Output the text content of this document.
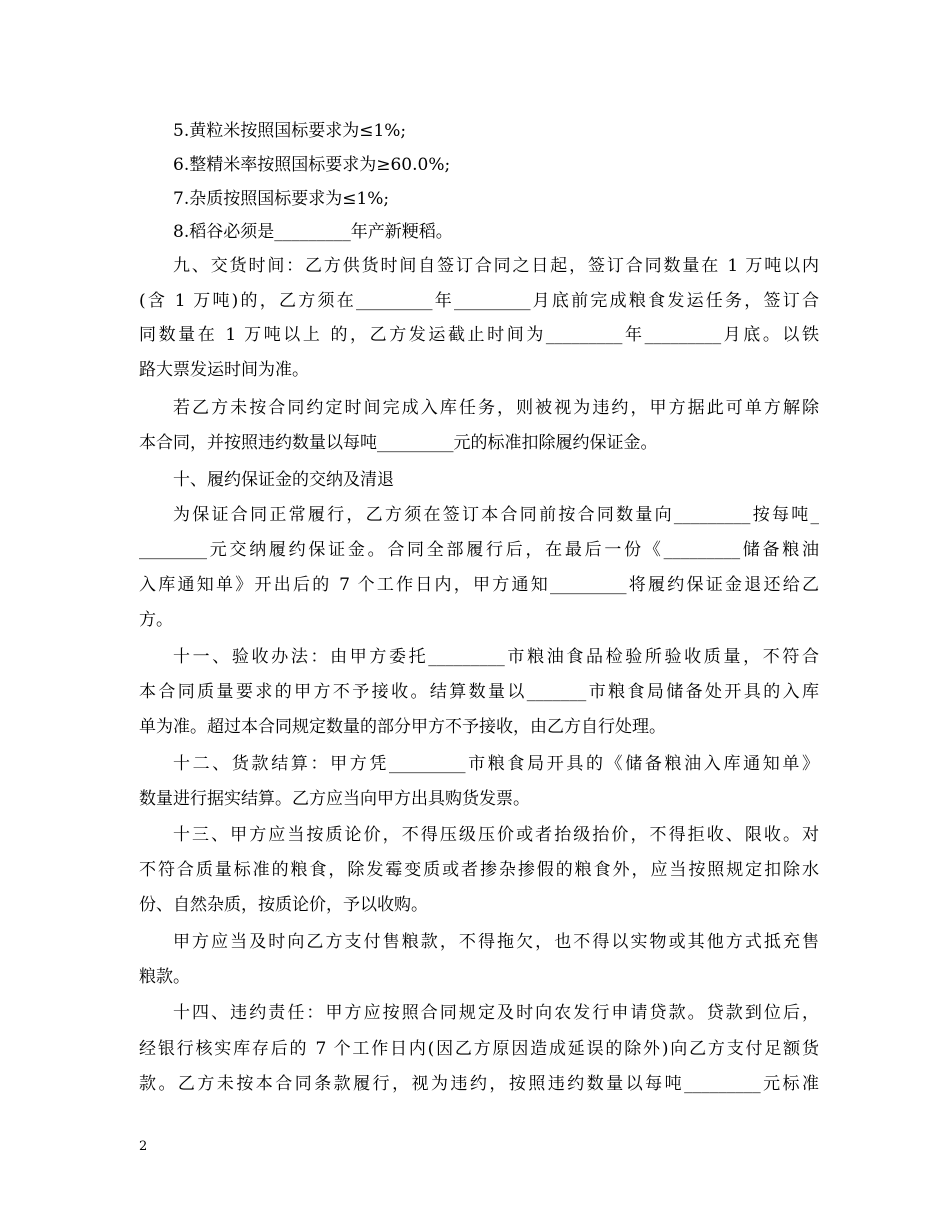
5.黄粒米按照国标要求为≤1%;
6.整精米率按照国标要求为≥60.0%;
7.杂质按照国标要求为≤1%;
8.稻谷必须是_________年产新粳稻。
九、交货时间：乙方供货时间自签订合同之日起，签订合同数量在 1 万吨以内
(含 1 万吨)的，乙方须在_________年_________月底前完成粮食发运任务，签订合
同数量在 1 万吨以上 的，乙方发运截止时间为_________年_________月底。以铁
路大票发运时间为准。
若乙方未按合同约定时间完成入库任务，则被视为违约，甲方据此可单方解除
本合同，并按照违约数量以每吨_________元的标准扣除履约保证金。
十、履约保证金的交纳及清退
为保证合同正常履行，乙方须在签订本合同前按合同数量向_________按每吨_
________元交纳履约保证金。合同全部履行后，在最后一份《_________储备粮油
入库通知单》开出后的 7 个工作日内，甲方通知_________将履约保证金退还给乙
方。
十一、验收办法：由甲方委托_________市粮油食品检验所验收质量，不符合
本合同质量要求的甲方不予接收。结算数量以_______市粮食局储备处开具的入库
单为准。超过本合同规定数量的部分甲方不予接收，由乙方自行处理。
十二、货款结算：甲方凭_________市粮食局开具的《储备粮油入库通知单》
数量进行据实结算。乙方应当向甲方出具购货发票。
十三、甲方应当按质论价，不得压级压价或者抬级抬价，不得拒收、限收。对
不符合质量标准的粮食，除发霉变质或者掺杂掺假的粮食外，应当按照规定扣除水
份、自然杂质，按质论价，予以收购。
甲方应当及时向乙方支付售粮款，不得拖欠，也不得以实物或其他方式抵充售
粮款。
十四、违约责任：甲方应按照合同规定及时向农发行申请贷款。贷款到位后，
经银行核实库存后的 7 个工作日内(因乙方原因造成延误的除外)向乙方支付足额货
款。乙方未按本合同条款履行，视为违约，按照违约数量以每吨_________元标准
2
